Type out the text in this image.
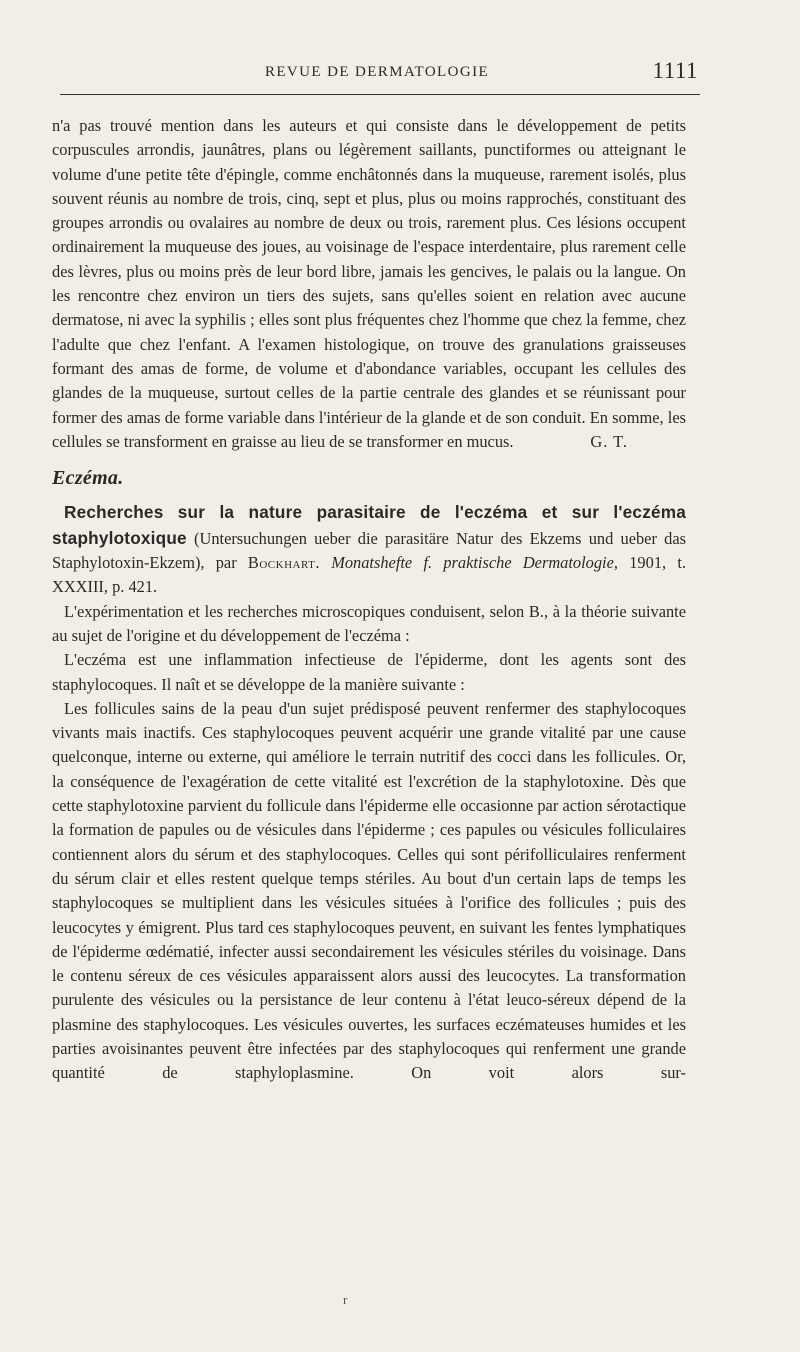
REVUE DE DERMATOLOGIE	1111

n'a pas trouvé mention dans les auteurs et qui consiste dans le développement de petits corpuscules arrondis, jaunâtres, plans ou légèrement saillants, punctiformes ou atteignant le volume d'une petite tête d'épingle, comme enchâtonnés dans la muqueuse, rarement isolés, plus souvent réunis au nombre de trois, cinq, sept et plus, plus ou moins rapprochés, constituant des groupes arrondis ou ovalaires au nombre de deux ou trois, rarement plus. Ces lésions occupent ordinairement la muqueuse des joues, au voisinage de l'espace interdentaire, plus rarement celle des lèvres, plus ou moins près de leur bord libre, jamais les gencives, le palais ou la langue. On les rencontre chez environ un tiers des sujets, sans qu'elles soient en relation avec aucune dermatose, ni avec la syphilis ; elles sont plus fréquentes chez l'homme que chez la femme, chez l'adulte que chez l'enfant. A l'examen histologique, on trouve des granulations graisseuses formant des amas de forme, de volume et d'abondance variables, occupant les cellules des glandes de la muqueuse, surtout celles de la partie centrale des glandes et se réunissant pour former des amas de forme variable dans l'intérieur de la glande et de son conduit. En somme, les cellules se transforment en graisse au lieu de se transformer en mucus.	G. T.

Eczéma.

Recherches sur la nature parasitaire de l'eczéma et sur l'eczéma staphylotoxique (Untersuchungen ueber die parasitäre Natur des Ekzems und ueber das Staphylotoxin-Ekzem), par Bockhart. Monatshefte f. praktische Dermatologie, 1901, t. XXXIII, p. 421.

L'expérimentation et les recherches microscopiques conduisent, selon B., à la théorie suivante au sujet de l'origine et du développement de l'eczéma :

L'eczéma est une inflammation infectieuse de l'épiderme, dont les agents sont des staphylocoques. Il naît et se développe de la manière suivante :

Les follicules sains de la peau d'un sujet prédisposé peuvent renfermer des staphylocoques vivants mais inactifs. Ces staphylocoques peuvent acquérir une grande vitalité par une cause quelconque, interne ou externe, qui améliore le terrain nutritif des cocci dans les follicules. Or, la conséquence de l'exagération de cette vitalité est l'excrétion de la staphylotoxine. Dès que cette staphylotoxine parvient du follicule dans l'épiderme elle occasionne par action sérotactique la formation de papules ou de vésicules dans l'épiderme ; ces papules ou vésicules folliculaires contiennent alors du sérum et des staphylocoques. Celles qui sont périfolliculaires renferment du sérum clair et elles restent quelque temps stériles. Au bout d'un certain laps de temps les staphylocoques se multiplient dans les vésicules situées à l'orifice des follicules ; puis des leucocytes y émigrent. Plus tard ces staphylocoques peuvent, en suivant les fentes lymphatiques de l'épiderme œdématié, infecter aussi secondairement les vésicules stériles du voisinage. Dans le contenu séreux de ces vésicules apparaissent alors aussi des leucocytes. La transformation purulente des vésicules ou la persistance de leur contenu à l'état leuco-séreux dépend de la plasmine des staphylocoques. Les vésicules ouvertes, les surfaces eczémateuses humides et les parties avoisinantes peuvent être infectées par des staphylocoques qui renferment une grande quantité de staphyloplasmine. On voit alors sur-

r
